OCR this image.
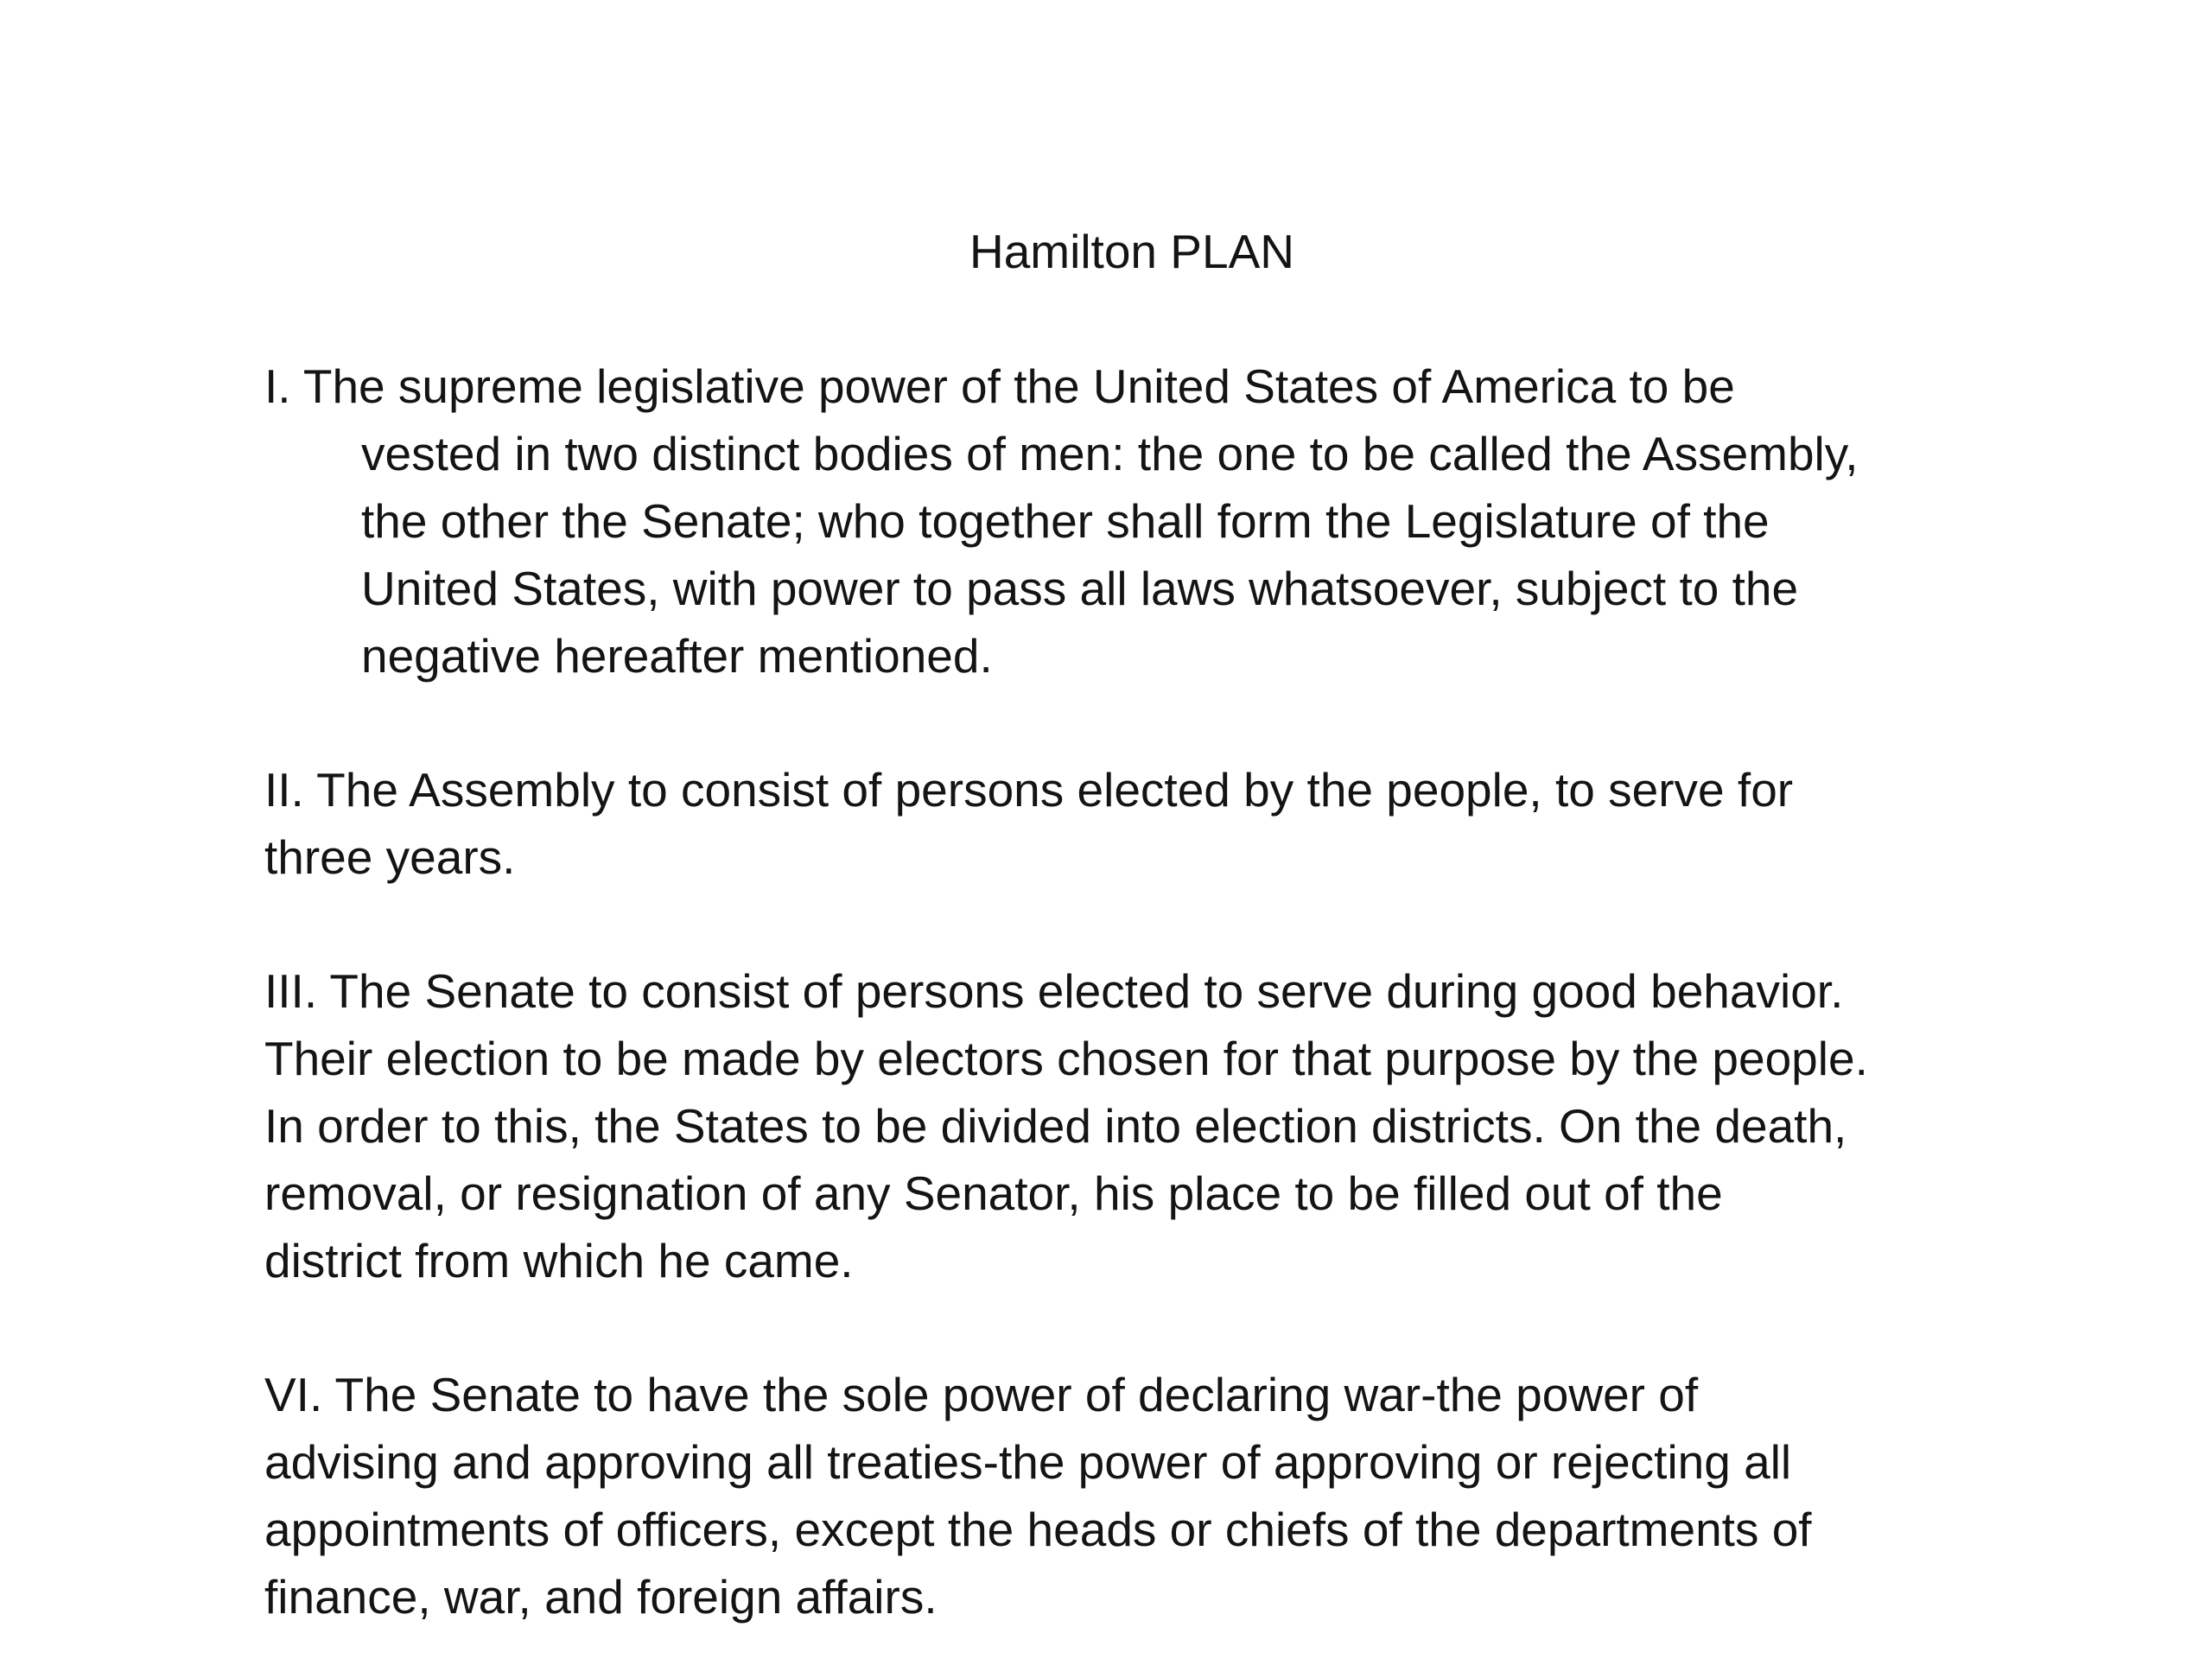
Hamilton PLAN

I. The supreme legislative power of the United States of America to be
vested in two distinct bodies of men: the one to be called the Assembly,
the other the Senate; who together shall form the Legislature of the
United States, with power to pass all laws whatsoever, subject to the
negative hereafter mentioned.

II. The Assembly to consist of persons elected by the people, to serve for
three years.

III. The Senate to consist of persons elected to serve during good behavior.
Their election to be made by electors chosen for that purpose by the people.
In order to this, the States to be divided into election districts. On the death,
removal, or resignation of any Senator, his place to be filled out of the
district from which he came.

VI. The Senate to have the sole power of declaring war-the power of
advising and approving all treaties-the power of approving or rejecting all
appointments of officers, except the heads or chiefs of the departments of
finance, war, and foreign affairs.
